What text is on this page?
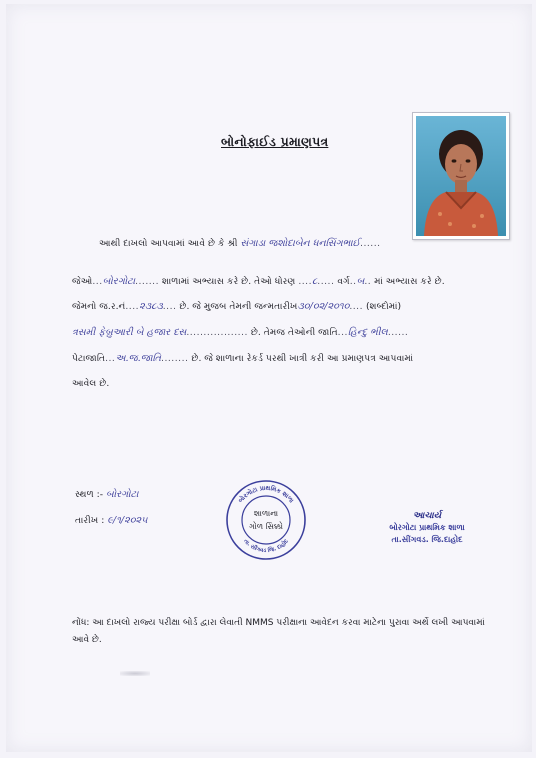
બોનોફાઈડ પ્રમાણપત્ર
આથી દાખલો આપવામાં આવે છે કે શ્રી સંગાડા જશોદાબેન ધનસિંગભાઈ......
જેઓ...બોરગોટા....... શાળામાં અભ્યાસ કરે છે. તેઓ ધોરણ ....૮..... વર્ગ..બ.. માં અભ્યાસ કરે છે.
જેમનો જ.ર.નં....૨૩૮૩.... છે. જે મુજબ તેમની જન્મતારીખ૩૦/૦૨/૨૦૧૦.... (શબ્દોમાં)
ત્રસમી ફેબ્રુઆરી બે હજાર દસ.................. છે. તેમજ તેઓની જાતિ...હિન્દુ ભીલ......
પેટાજાતિ...અ.જ.જાતિ........ છે. જે શાળાના રેકર્ડ પરથી ખાત્રી કરી આ પ્રમાણપત્ર આપવામાં
આવેલ છે.
સ્થળ :- બોરગોટા
તારીખ : ૯/૧/૨૦૨૫
બોરગોટા પ્રાથમિક શાળા
તા. સીંગવડ જિ. દાહોદ
શાળાના
ગોળ સિક્કો
આચાર્ય
બોરગોટા પ્રાથમિક શાળા
તા.સીંગવડ. જિ.દાહોદ
નોંધ: આ દાખલો રાજ્ય પરીક્ષા બોર્ડ દ્વારા લેવાતી NMMS પરીક્ષાના આવેદન કરવા માટેના પુરાવા અર્થે લખી આપવામાં આવે છે.
